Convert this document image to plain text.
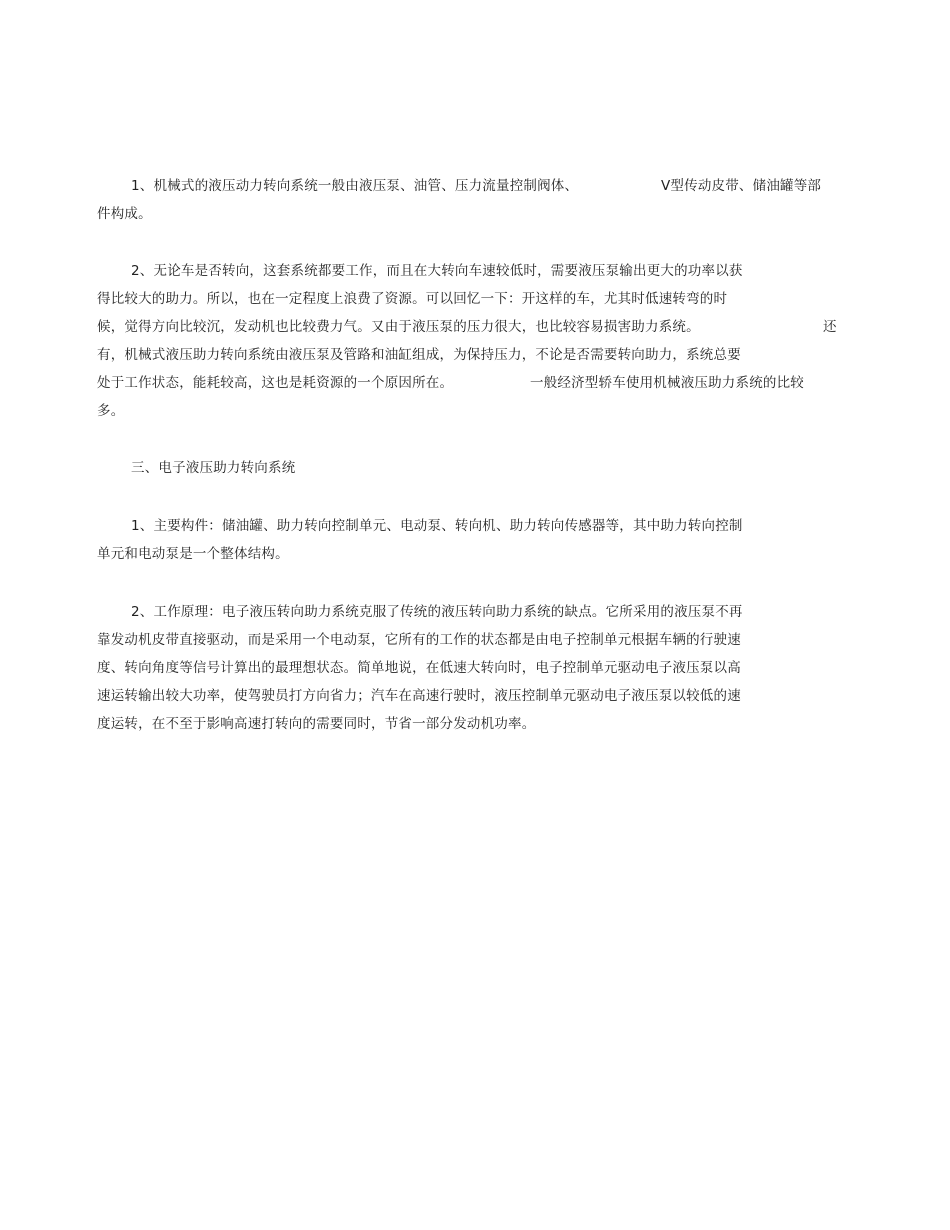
1、机械式的液压动力转向系统一般由液压泵、油管、压力流量控制阀体、	V型传动皮带、储油罐等部
件构成。
2、无论车是否转向，这套系统都要工作，而且在大转向车速较低时，需要液压泵输出更大的功率以获
得比较大的助力。所以，也在一定程度上浪费了资源。可以回忆一下：开这样的车，尤其时低速转弯的时
候，觉得方向比较沉，发动机也比较费力气。又由于液压泵的压力很大，也比较容易损害助力系统。	还
有，机械式液压助力转向系统由液压泵及管路和油缸组成，为保持压力，不论是否需要转向助力，系统总要
处于工作状态，能耗较高，这也是耗资源的一个原因所在。	一般经济型轿车使用机械液压助力系统的比较
多。
三、电子液压助力转向系统
1、主要构件：储油罐、助力转向控制单元、电动泵、转向机、助力转向传感器等，其中助力转向控制
单元和电动泵是一个整体结构。
2、工作原理：电子液压转向助力系统克服了传统的液压转向助力系统的缺点。它所采用的液压泵不再
靠发动机皮带直接驱动，而是采用一个电动泵，它所有的工作的状态都是由电子控制单元根据车辆的行驶速
度、转向角度等信号计算出的最理想状态。简单地说，在低速大转向时，电子控制单元驱动电子液压泵以高
速运转输出较大功率，使驾驶员打方向省力；汽车在高速行驶时，液压控制单元驱动电子液压泵以较低的速
度运转，在不至于影响高速打转向的需要同时，节省一部分发动机功率。
